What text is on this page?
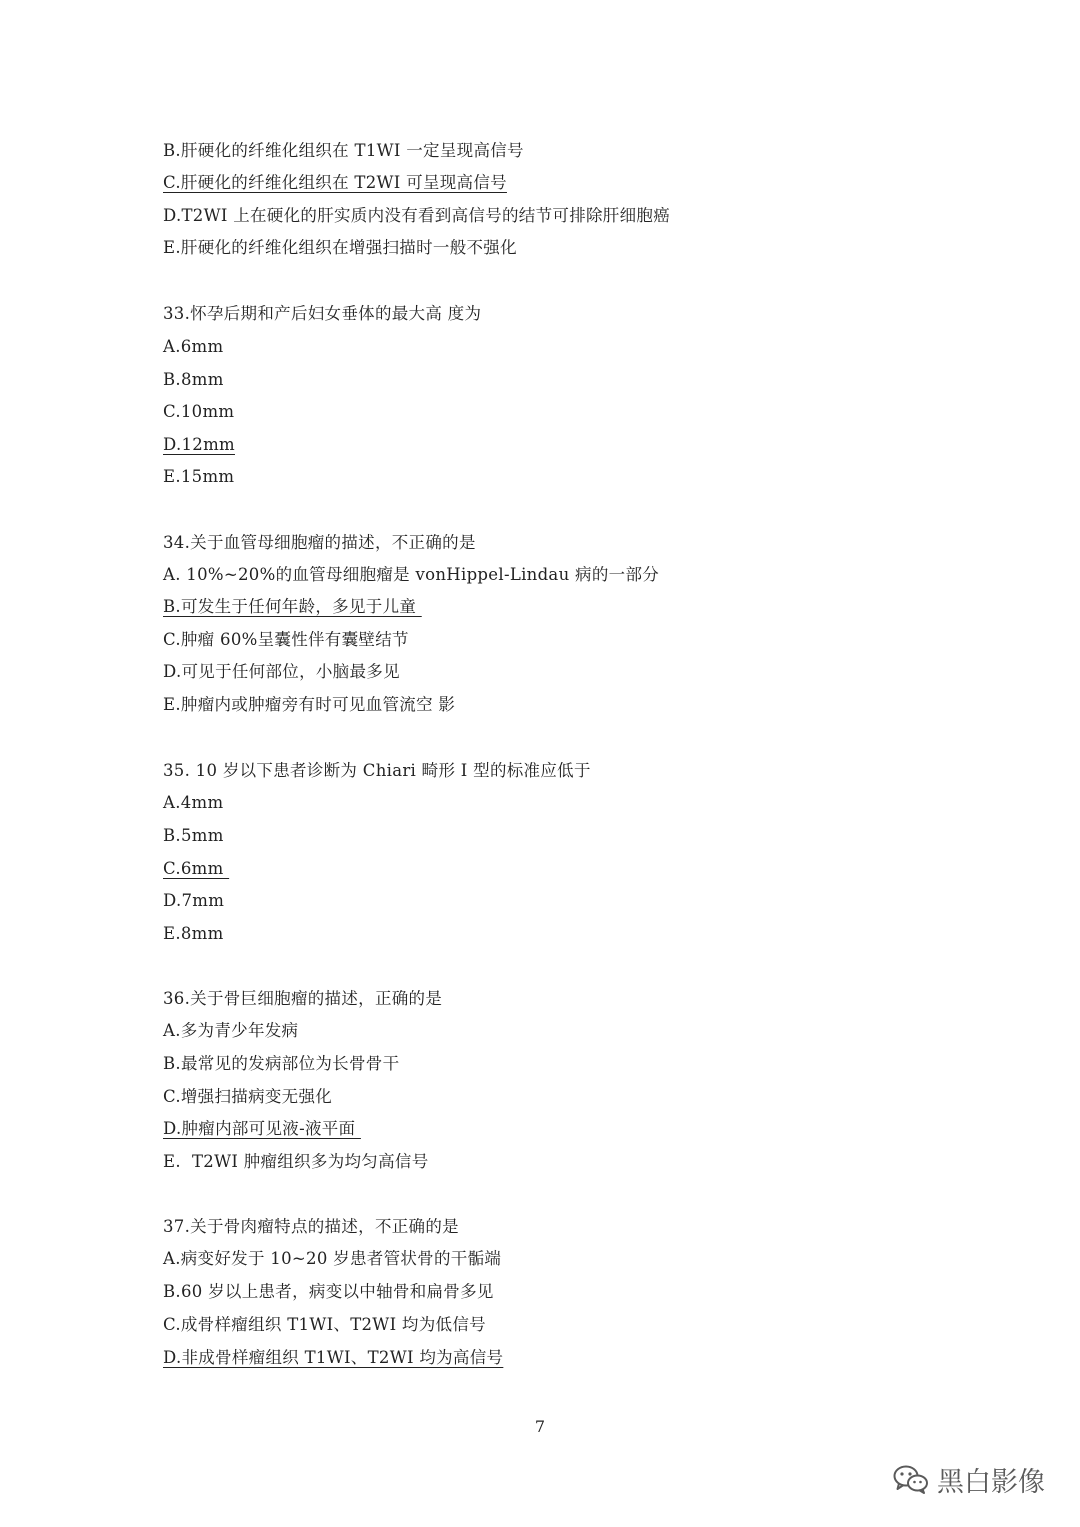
B.肝硬化的纤维化组织在 T1WI 一定呈现高信号
C.肝硬化的纤维化组织在 T2WI 可呈现高信号
D.T2WI 上在硬化的肝实质内没有看到高信号的结节可排除肝细胞癌
E.肝硬化的纤维化组织在增强扫描时一般不强化
33.怀孕后期和产后妇女垂体的最大高 度为
A.6mm
B.8mm
C.10mm
D.12mm
E.15mm
34.关于血管母细胞瘤的描述，不正确的是
A. 10%~20%的血管母细胞瘤是 vonHippel-Lindau 病的一部分
B.可发生于任何年龄，多见于儿童
C.肿瘤 60%呈囊性伴有囊壁结节
D.可见于任何部位，小脑最多见
E.肿瘤内或肿瘤旁有时可见血管流空 影
35. 10 岁以下患者诊断为 Chiari 畸形 I 型的标准应低于
A.4mm
B.5mm
C.6mm
D.7mm
E.8mm
36.关于骨巨细胞瘤的描述，正确的是
A.多为青少年发病
B.最常见的发病部位为长骨骨干
C.增强扫描病变无强化
D.肿瘤内部可见液-液平面
E.  T2WI 肿瘤组织多为均匀高信号
37.关于骨肉瘤特点的描述，不正确的是
A.病变好发于 10~20 岁患者管状骨的干骺端
B.60 岁以上患者，病变以中轴骨和扁骨多见
C.成骨样瘤组织 T1WI、T2WI 均为低信号
D.非成骨样瘤组织 T1WI、T2WI 均为高信号
7
黑白影像
